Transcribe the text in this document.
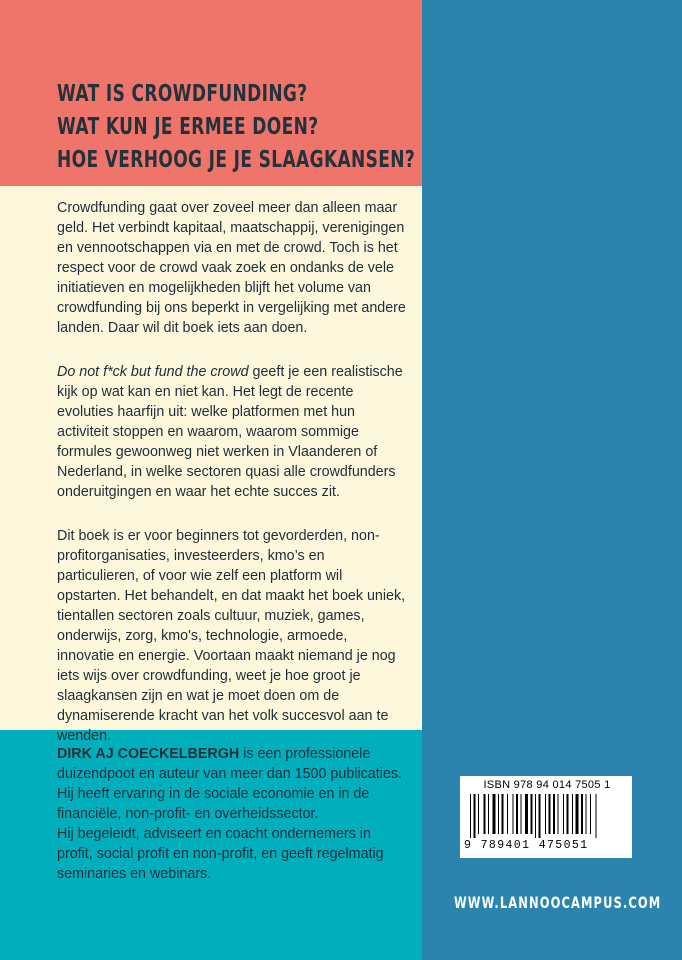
WAT IS CROWDFUNDING?
WAT KUN JE ERMEE DOEN?
HOE VERHOOG JE JE SLAAGKANSEN?

Crowdfunding gaat over zoveel meer dan alleen maar geld. Het verbindt kapitaal, maatschappij, verenigingen en vennootschappen via en met de crowd. Toch is het respect voor de crowd vaak zoek en ondanks de vele initiatieven en mogelijkheden blijft het volume van crowdfunding bij ons beperkt in vergelijking met andere landen. Daar wil dit boek iets aan doen.

Do not f*ck but fund the crowd geeft je een realistische kijk op wat kan en niet kan. Het legt de recente evoluties haarfijn uit: welke platformen met hun activiteit stoppen en waarom, waarom sommige formules gewoonweg niet werken in Vlaanderen of Nederland, in welke sectoren quasi alle crowdfunders onderuitgingen en waar het echte succes zit.

Dit boek is er voor beginners tot gevorderden, non-profitorganisaties, investeerders, kmo’s en particulieren, of voor wie zelf een platform wil opstarten. Het behandelt, en dat maakt het boek uniek, tientallen sectoren zoals cultuur, muziek, games, onderwijs, zorg, kmo's, technologie, armoede, innovatie en energie. Voortaan maakt niemand je nog iets wijs over crowdfunding, weet je hoe groot je slaagkansen zijn en wat je moet doen om de dynamiserende kracht van het volk succesvol aan te wenden.

DIRK AJ COECKELBERGH is een professionele duizendpoot en auteur van meer dan 1500 publicaties. Hij heeft ervaring in de sociale economie en in de financiële, non-profit- en overheidssector.

Hij begeleidt, adviseert en coacht ondernemers in profit, social profit en non-profit, en geeft regelmatig seminaries en webinars.

ISBN 978 94 014 7505 1
9 789401 475051
WWW.LANNOOCAMPUS.COM
